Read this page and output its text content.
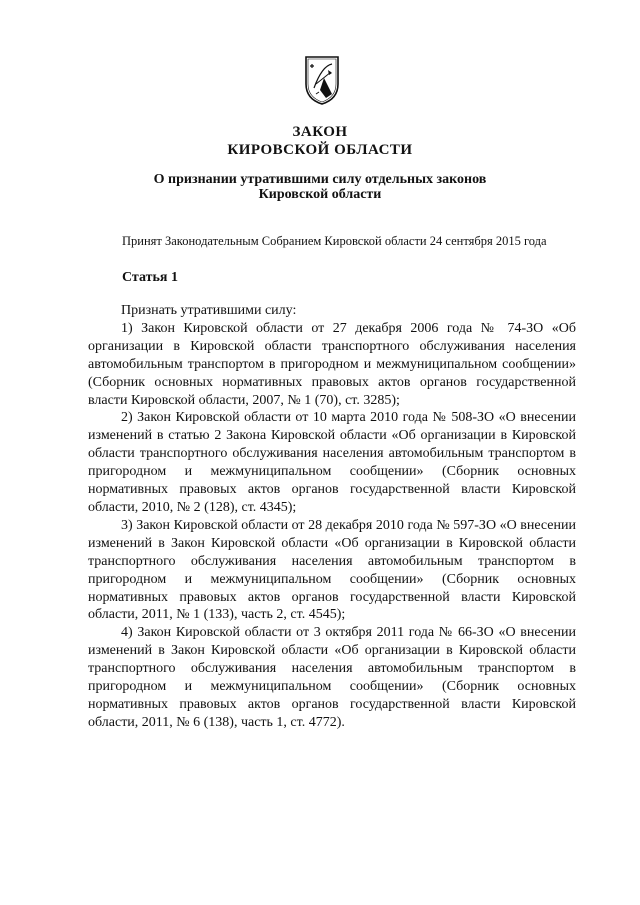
ЗАКОН
КИРОВСКОЙ ОБЛАСТИ
О признании утратившими силу отдельных законов
Кировской области
Принят Законодательным Собранием Кировской области 24 сентября 2015 года
Статья 1

Признать утратившими силу:

1) Закон Кировской области от 27 декабря 2006 года № 74-ЗО «Об организации в Кировской области транспортного обслуживания населения автомобильным транспортом в пригородном и межмуниципальном сообщении» (Сборник основных нормативных правовых актов органов государственной власти Кировской области, 2007, № 1 (70), ст. 3285);

2) Закон Кировской области от 10 марта 2010 года № 508-ЗО «О внесении изменений в статью 2 Закона Кировской области «Об организации в Кировской области транспортного обслуживания населения автомобильным транспортом в пригородном и межмуниципальном сообщении» (Сборник основных нормативных правовых актов органов государственной власти Кировской области, 2010, № 2 (128), ст. 4345);

3) Закон Кировской области от 28 декабря 2010 года № 597-ЗО «О внесении изменений в Закон Кировской области «Об организации в Кировской области транспортного обслуживания населения автомобильным транспортом в пригородном и межмуниципальном сообщении» (Сборник основных нормативных правовых актов органов государственной власти Кировской области, 2011, № 1 (133), часть 2, ст. 4545);

4) Закон Кировской области от 3 октября 2011 года № 66-ЗО «О внесении изменений в Закон Кировской области «Об организации в Кировской области транспортного обслуживания населения автомобильным транспортом в пригородном и межмуниципальном сообщении» (Сборник основных нормативных правовых актов органов государственной власти Кировской области, 2011, № 6 (138), часть 1, ст. 4772).
